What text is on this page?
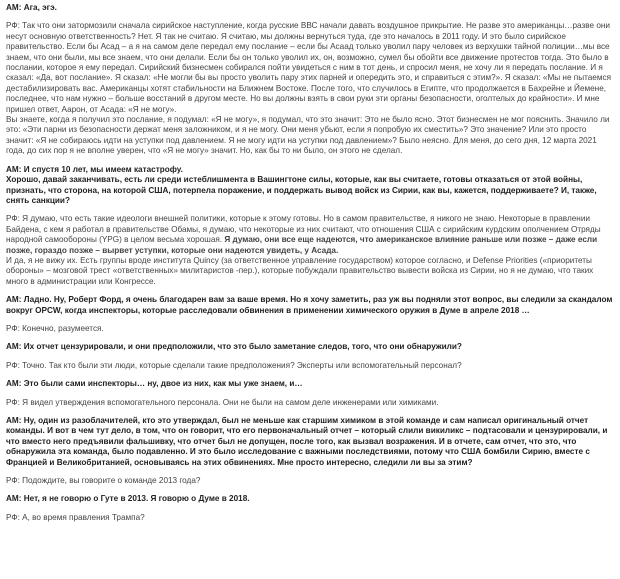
AM: Ага, эгэ.

РФ: Так что они затормозили сначала сирийское наступление, когда русские ВВС начали давать воздушное прикрытие. Не разве это американцы…разве они несут основную ответственность? Нет. Я так не считаю. Я считаю, мы должны вернуться туда, где это началось в 2011 году. И это было сирийское правительство. Если бы Асад – а я на самом деле передал ему послание – если бы Асаад только уволил пару человек из верхушки тайной полиции…мы все знаем, что они были, мы все знаем, что они делали. Если бы он только уволил их, он, возможно, сумел бы обойти все движение протестов тогда. Это было в послании, которое я ему передал. Сирийский бизнесмен собирался пойти увидеться с ним в тот день, и спросил меня, не хочу ли я передать послание. И я сказал: «Да, вот послание». Я сказал: «Не могли бы вы просто уволить пару этих парней и опередить это, и справиться с этим?». Я сказал: «Мы не пытаемся дестабилизировать вас. Американцы хотят стабильности на Ближнем Востоке. После того, что случилось в Египте, что продолжается в Бахрейне и Йемене, последнее, что нам нужно – больше восстаний в другом месте. Но вы должны взять в свои руки эти органы безопасности, оголтелых до крайности». И мне пришел ответ, Аарон, от Асада: «Я не могу».

Вы знаете, когда я получил это послание, я подумал: «Я не могу», я подумал, что это значит: Это не было ясно. Этот бизнесмен не мог пояснить. Значило ли это: «Эти парни из безопасности держат меня заложником, и я не могу. Они меня убьют, если я попробую их сместить»? Это значение? Или это просто значит: «Я не собираюсь идти на уступки под давлением. Я не могу идти на уступки под давлением»? Было неясно. Для меня, до сего дня, 12 марта 2021 года, до сих пор я не вполне уверен, что «Я не могу» значит. Но, как бы то ни было, он этого не сделал.

AM: И спустя 10 лет, мы имеем катастрофу.

Хорошо, давай заканчивать, есть ли среди истеблишмента в Вашингтоне силы, которые, как вы считаете, готовы отказаться от этой войны, признать, что сторона, на которой США, потерпела поражение, и поддержать вывод войск из Сирии, как вы, кажется, поддерживаете? И, также, снять санкции?

РФ: Я думаю, что есть такие идеологи внешней политики, которые к этому готовы. Но в самом правительстве, я никого не знаю. Некоторые в правлении Байдена, с кем я работал в правительстве Обамы, я думаю, что некоторые из них считают, что отношения США с сирийским курдским ополчением Отряды народной самообороны (YPG) в целом весьма хорошая. Я думаю, они все еще надеются, что американское влияние раньше или позже – даже если позже, гораздо позже – вырвет уступки, которые они надеются увидеть, у Асада.

И да, я не вижу их. Есть группы вроде института Quincy (за ответственное управление государством) которое согласно, и Defense Priorities («приоритеты обороны» – мозговой трест «ответственных» милитаристов -пер.), которые побуждали правительство вывести войска из Сирии, но я не думаю, что таких много в администрации или Конгрессе.

AM: Ладно. Ну, Роберт Форд, я очень благодарен вам за ваше время. Но я хочу заметить, раз уж вы подняли этот вопрос, вы следили за скандалом вокруг OPCW, когда инспекторы, которые расследовали обвинения в применении химического оружия в Думе в апреле 2018 …

РФ: Конечно, разумеется.

AM: Их отчет цензурировали, и они предположили, что это было заметание следов, того, что они обнаружили?

РФ: Точно. Так кто были эти люди, которые сделали такие предположения? Эксперты или вспомогательный персонал?

AM: Это были сами инспекторы… ну, двое из них, как мы уже знаем, и…

РФ: Я видел утверждения вспомогательного персонала. Они не были на самом деле инженерами или химиками.

AM: Ну, один из разоблачителей, кто это утверждал, был не меньше как старшим химиком в этой команде и сам написал оригинальный отчет команды. И вот в чем тут дело, в том, что он говорит, что его первоначальный отчет – который слили викиликс – подтасовали и цензурировали, и что вместо него предъявили фальшивку, что отчет был не допущен, после того, как вызвал возражения. И в отчете, сам отчет, что это, что обнаружила эта команда, было подавленно. И это было исследование с важными последствиями, потому что США бомбили Сирию, вместе с Францией и Великобританией, основываясь на этих обвинениях. Мне просто интересно, следили ли вы за этим?

РФ: Подождите, вы говорите о команде 2013 года?

AM: Нет, я не говорю о Гуте в 2013. Я говорю о Думе в 2018.

РФ: А, во время правления Трампа?
